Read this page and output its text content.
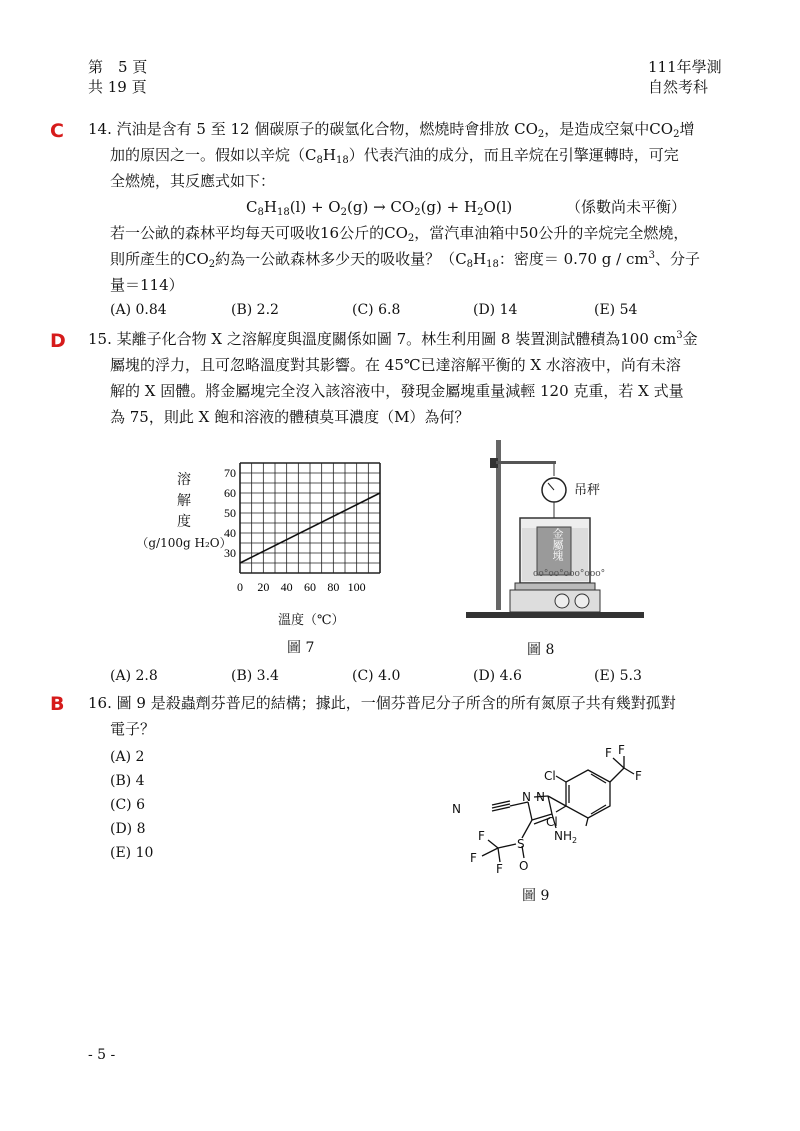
第　5 頁
共 19 頁
111年學測
自然考科
C 14. 汽油是含有 5 至 12 個碳原子的碳氫化合物，燃燒時會排放 $CO_2$，是造成空氣中$CO_2$增
加的原因之一。假如以辛烷$(C_8H_{18})$代表汽油的成分，而且辛烷在引擎運轉時，可完
全燃燒，其反應式如下：
$C_8H_{18}(l) + O_2(g) \to CO_2(g) + H_2O(l)$	（係數尚未平衡）
若一公畝的森林平均每天可吸收16公斤的$CO_2$，當汽車油箱中50公升的辛烷完全燃燒，
則所產生的$CO_2$約為一公畝森林多少天的吸收量？（$C_8H_{18}$：密度＝ 0.70 g / $cm^3$、分子
量＝114）
(A) 0.84	(B) 2.2	(C) 6.8	(D) 14	(E) 54
D 15. 某離子化合物 X 之溶解度與溫度關係如圖 7。林生利用圖 8 裝置測試體積為100 $cm^3$金
屬塊的浮力，且可忽略溫度對其影響。在 45℃已達溶解平衡的 X 水溶液中，尚有未溶
解的 X 固體。將金屬塊完全沒入該溶液中，發現金屬塊重量減輕 120 克重，若 X 式量
為 75，則此 X 飽和溶液的體積莫耳濃度（M）為何？
溶
解
度
（g/100g H₂O）
30
40
50
60
70
0 20 40 60 80 100
溫度（℃）
圖 7
oo°oo°ooo°ooo°
吊秤
金屬塊
圖 8
(A) 2.8	(B) 3.4	(C) 4.0	(D) 4.6	(E) 5.3
B 16. 圖 9 是殺蟲劑芬普尼的結構；據此，一個芬普尼分子所含的所有氮原子共有幾對孤對
電子？
(A) 2
(B) 4
(C) 6
(D) 8
(E) 10
Cl
Cl
F
F
F
N
N N
$NH_2$
S
O
F
F
F
圖 9
- 5 -
